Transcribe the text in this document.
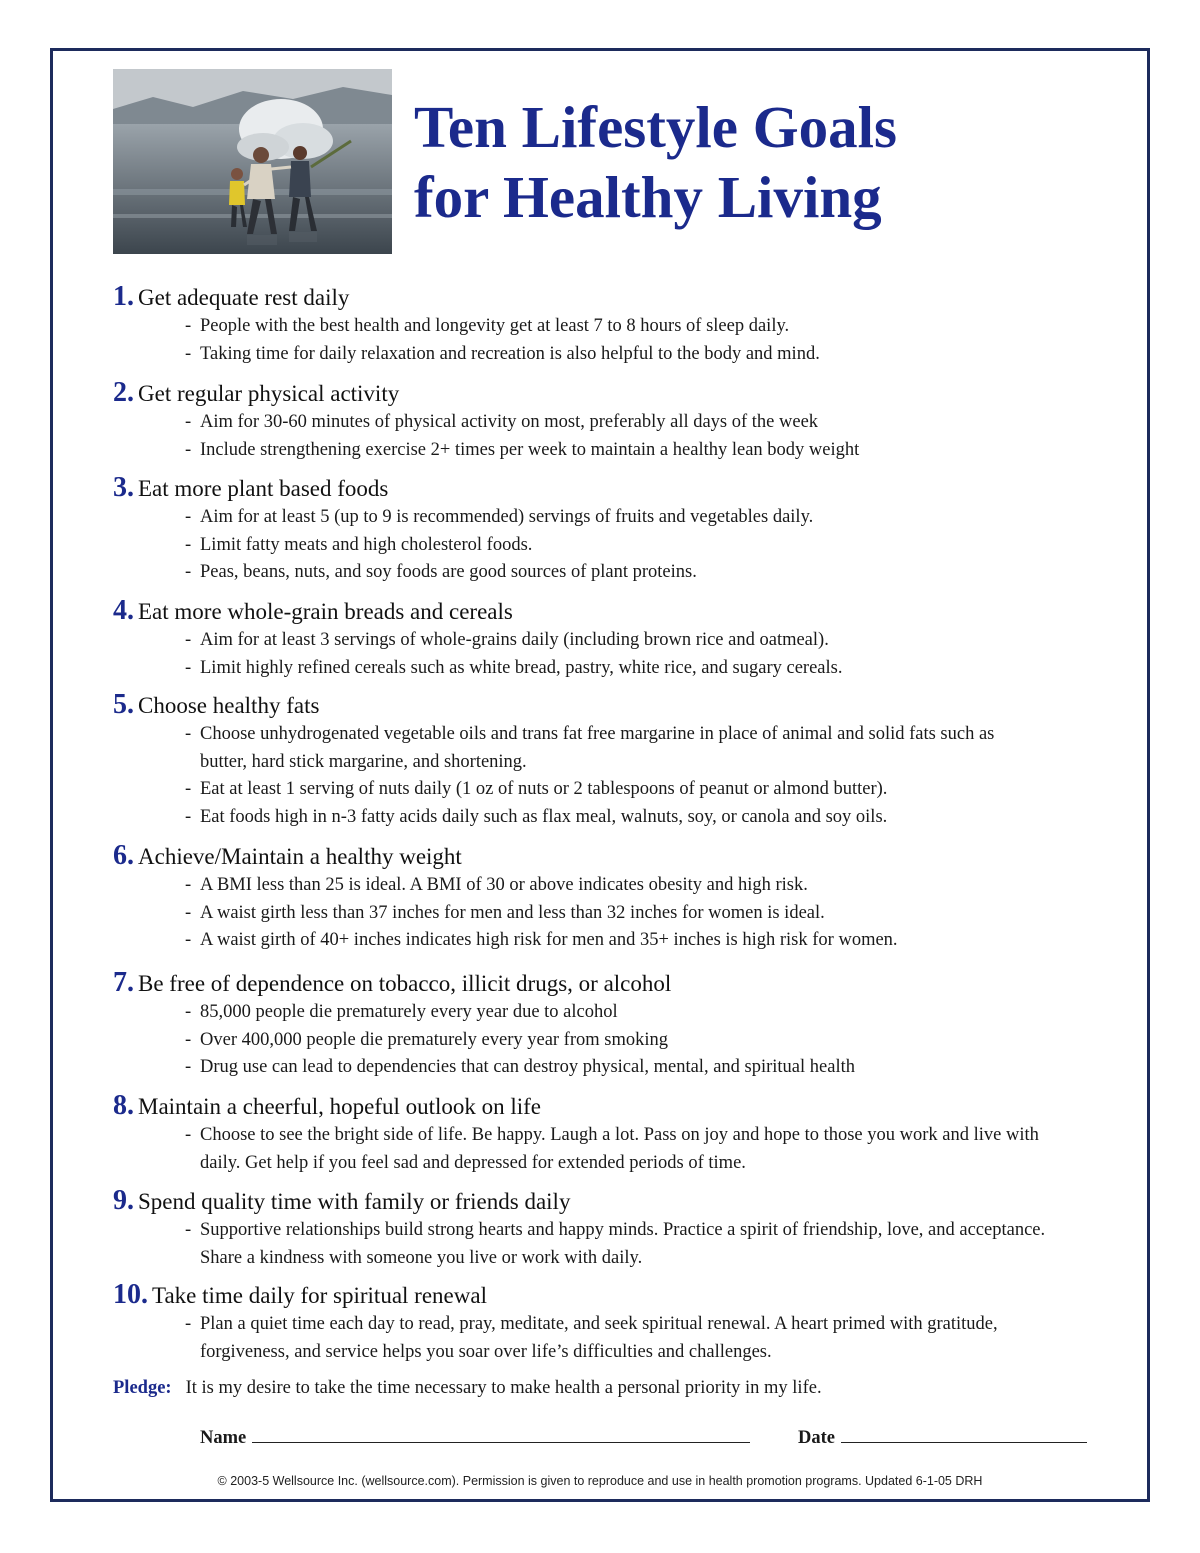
Ten Lifestyle Goals
for Healthy Living
1. Get adequate rest daily
- People with the best health and longevity get at least 7 to 8 hours of sleep daily.
- Taking time for daily relaxation and recreation is also helpful to the body and mind.
2. Get regular physical activity
- Aim for 30-60 minutes of physical activity on most, preferably all days of the week
- Include strengthening exercise 2+ times per week to maintain a healthy lean body weight
3. Eat more plant based foods
- Aim for at least 5 (up to 9 is recommended) servings of fruits and vegetables daily.
- Limit fatty meats and high cholesterol foods.
- Peas, beans, nuts, and soy foods are good sources of plant proteins.
4. Eat more whole-grain breads and cereals
- Aim for at least 3 servings of whole-grains daily (including brown rice and oatmeal).
- Limit highly refined cereals such as white bread, pastry, white rice, and sugary cereals.
5. Choose healthy fats
- Choose unhydrogenated vegetable oils and trans fat free margarine in place of animal and solid fats such as butter, hard stick margarine, and shortening.
- Eat at least 1 serving of nuts daily (1 oz of nuts or 2 tablespoons of peanut or almond butter).
- Eat foods high in n-3 fatty acids daily such as flax meal, walnuts, soy, or canola and soy oils.
6. Achieve/Maintain a healthy weight
- A BMI less than 25 is ideal. A BMI of 30 or above indicates obesity and high risk.
- A waist girth less than 37 inches for men and less than 32 inches for women is ideal.
- A waist girth of 40+ inches indicates high risk for men and 35+ inches is high risk for women.
7. Be free of dependence on tobacco, illicit drugs, or alcohol
- 85,000 people die prematurely every year due to alcohol
- Over 400,000 people die prematurely every year from smoking
- Drug use can lead to dependencies that can destroy physical, mental, and spiritual health
8. Maintain a cheerful, hopeful outlook on life
- Choose to see the bright side of life. Be happy. Laugh a lot. Pass on joy and hope to those you work and live with daily. Get help if you feel sad and depressed for extended periods of time.
9. Spend quality time with family or friends daily
- Supportive relationships build strong hearts and happy minds. Practice a spirit of friendship, love, and acceptance. Share a kindness with someone you live or work with daily.
10. Take time daily for spiritual renewal
- Plan a quiet time each day to read, pray, meditate, and seek spiritual renewal. A heart primed with gratitude, forgiveness, and service helps you soar over life’s difficulties and challenges.
Pledge: It is my desire to take the time necessary to make health a personal priority in my life.
Name	Date
© 2003-5 Wellsource Inc. (wellsource.com). Permission is given to reproduce and use in health promotion programs. Updated 6-1-05 DRH
